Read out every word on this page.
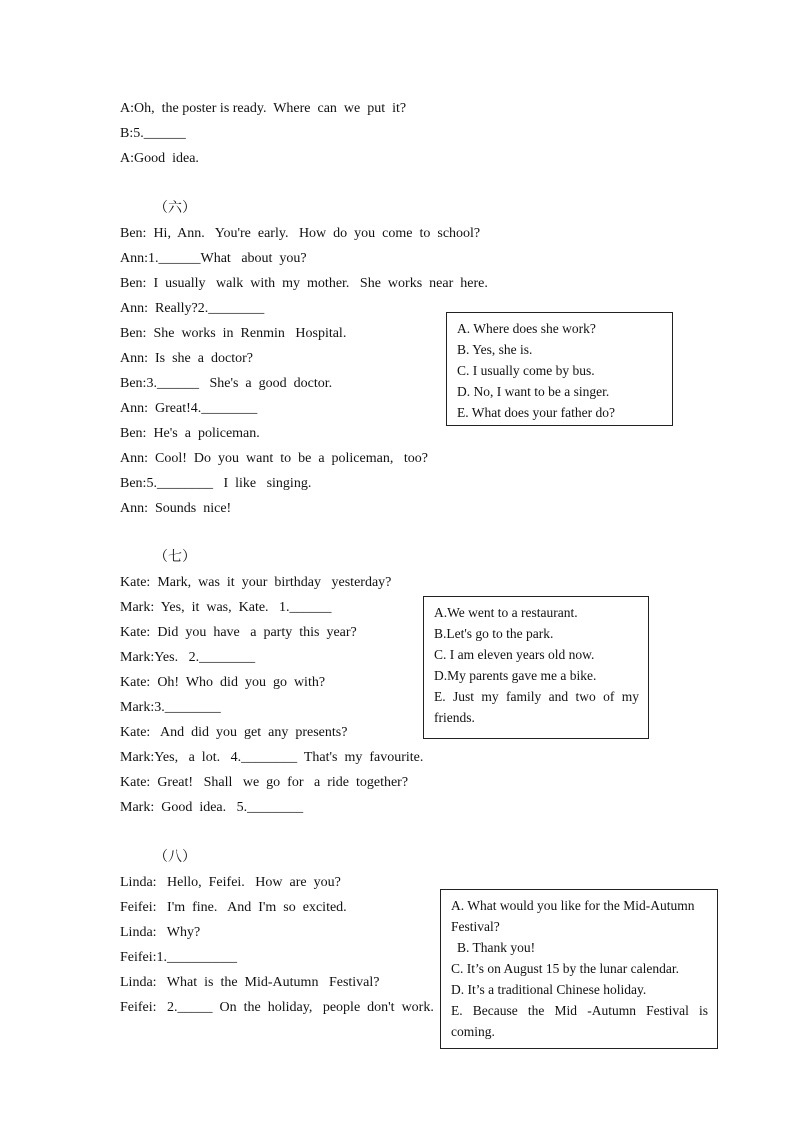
A:Oh,  the poster is ready.  Where  can  we  put  it?
B:5.______
A:Good  idea.
（六）
Ben:  Hi,  Ann.   You're  early.   How  do  you  come  to  school?
Ann:1.______What   about  you?
Ben:  I  usually   walk  with  my  mother.   She  works  near  here.
Ann:  Really?2.________
Ben:  She  works  in  Renmin   Hospital.
Ann:  Is  she  a  doctor?
Ben:3.______   She's  a  good  doctor.
Ann:  Great!4.________
Ben:  He's  a  policeman.
Ann:  Cool!  Do  you  want  to  be  a  policeman,   too?
Ben:5.________   I  like   singing.
Ann:  Sounds  nice!
A. Where does she work?
B. Yes, she is.
C. I usually come by bus.
D. No, I want to be a singer.
E. What does your father do?
（七）
Kate:  Mark,  was  it  your  birthday   yesterday?
Mark:  Yes,  it  was,  Kate.   1.______
Kate:  Did  you  have   a  party  this  year?
Mark:Yes.   2.________
Kate:  Oh!  Who  did  you  go  with?
Mark:3.________
Kate:   And  did  you  get  any  presents?
Mark:Yes,   a  lot.   4.________  That's  my  favourite.
Kate:  Great!   Shall   we  go  for   a  ride  together?
Mark:  Good  idea.   5.________
A.We went to a restaurant.
B.Let's go to the park.
C. I am eleven years old now.
D.My parents gave me a bike.
E. Just my family and two of my friends.
（八）
Linda:   Hello,  Feifei.   How  are  you?
Feifei:   I'm  fine.   And  I'm  so  excited.
Linda:   Why?
Feifei:1.__________
Linda:   What  is  the  Mid-Autumn   Festival?
Feifei:   2._____  On  the  holiday,   people  don't  work.
A. What would you like for the Mid-Autumn Festival?
B. Thank you!
C. It’s on August 15 by the lunar calendar.
D. It’s a traditional Chinese holiday.
E. Because the Mid -Autumn Festival is coming.
